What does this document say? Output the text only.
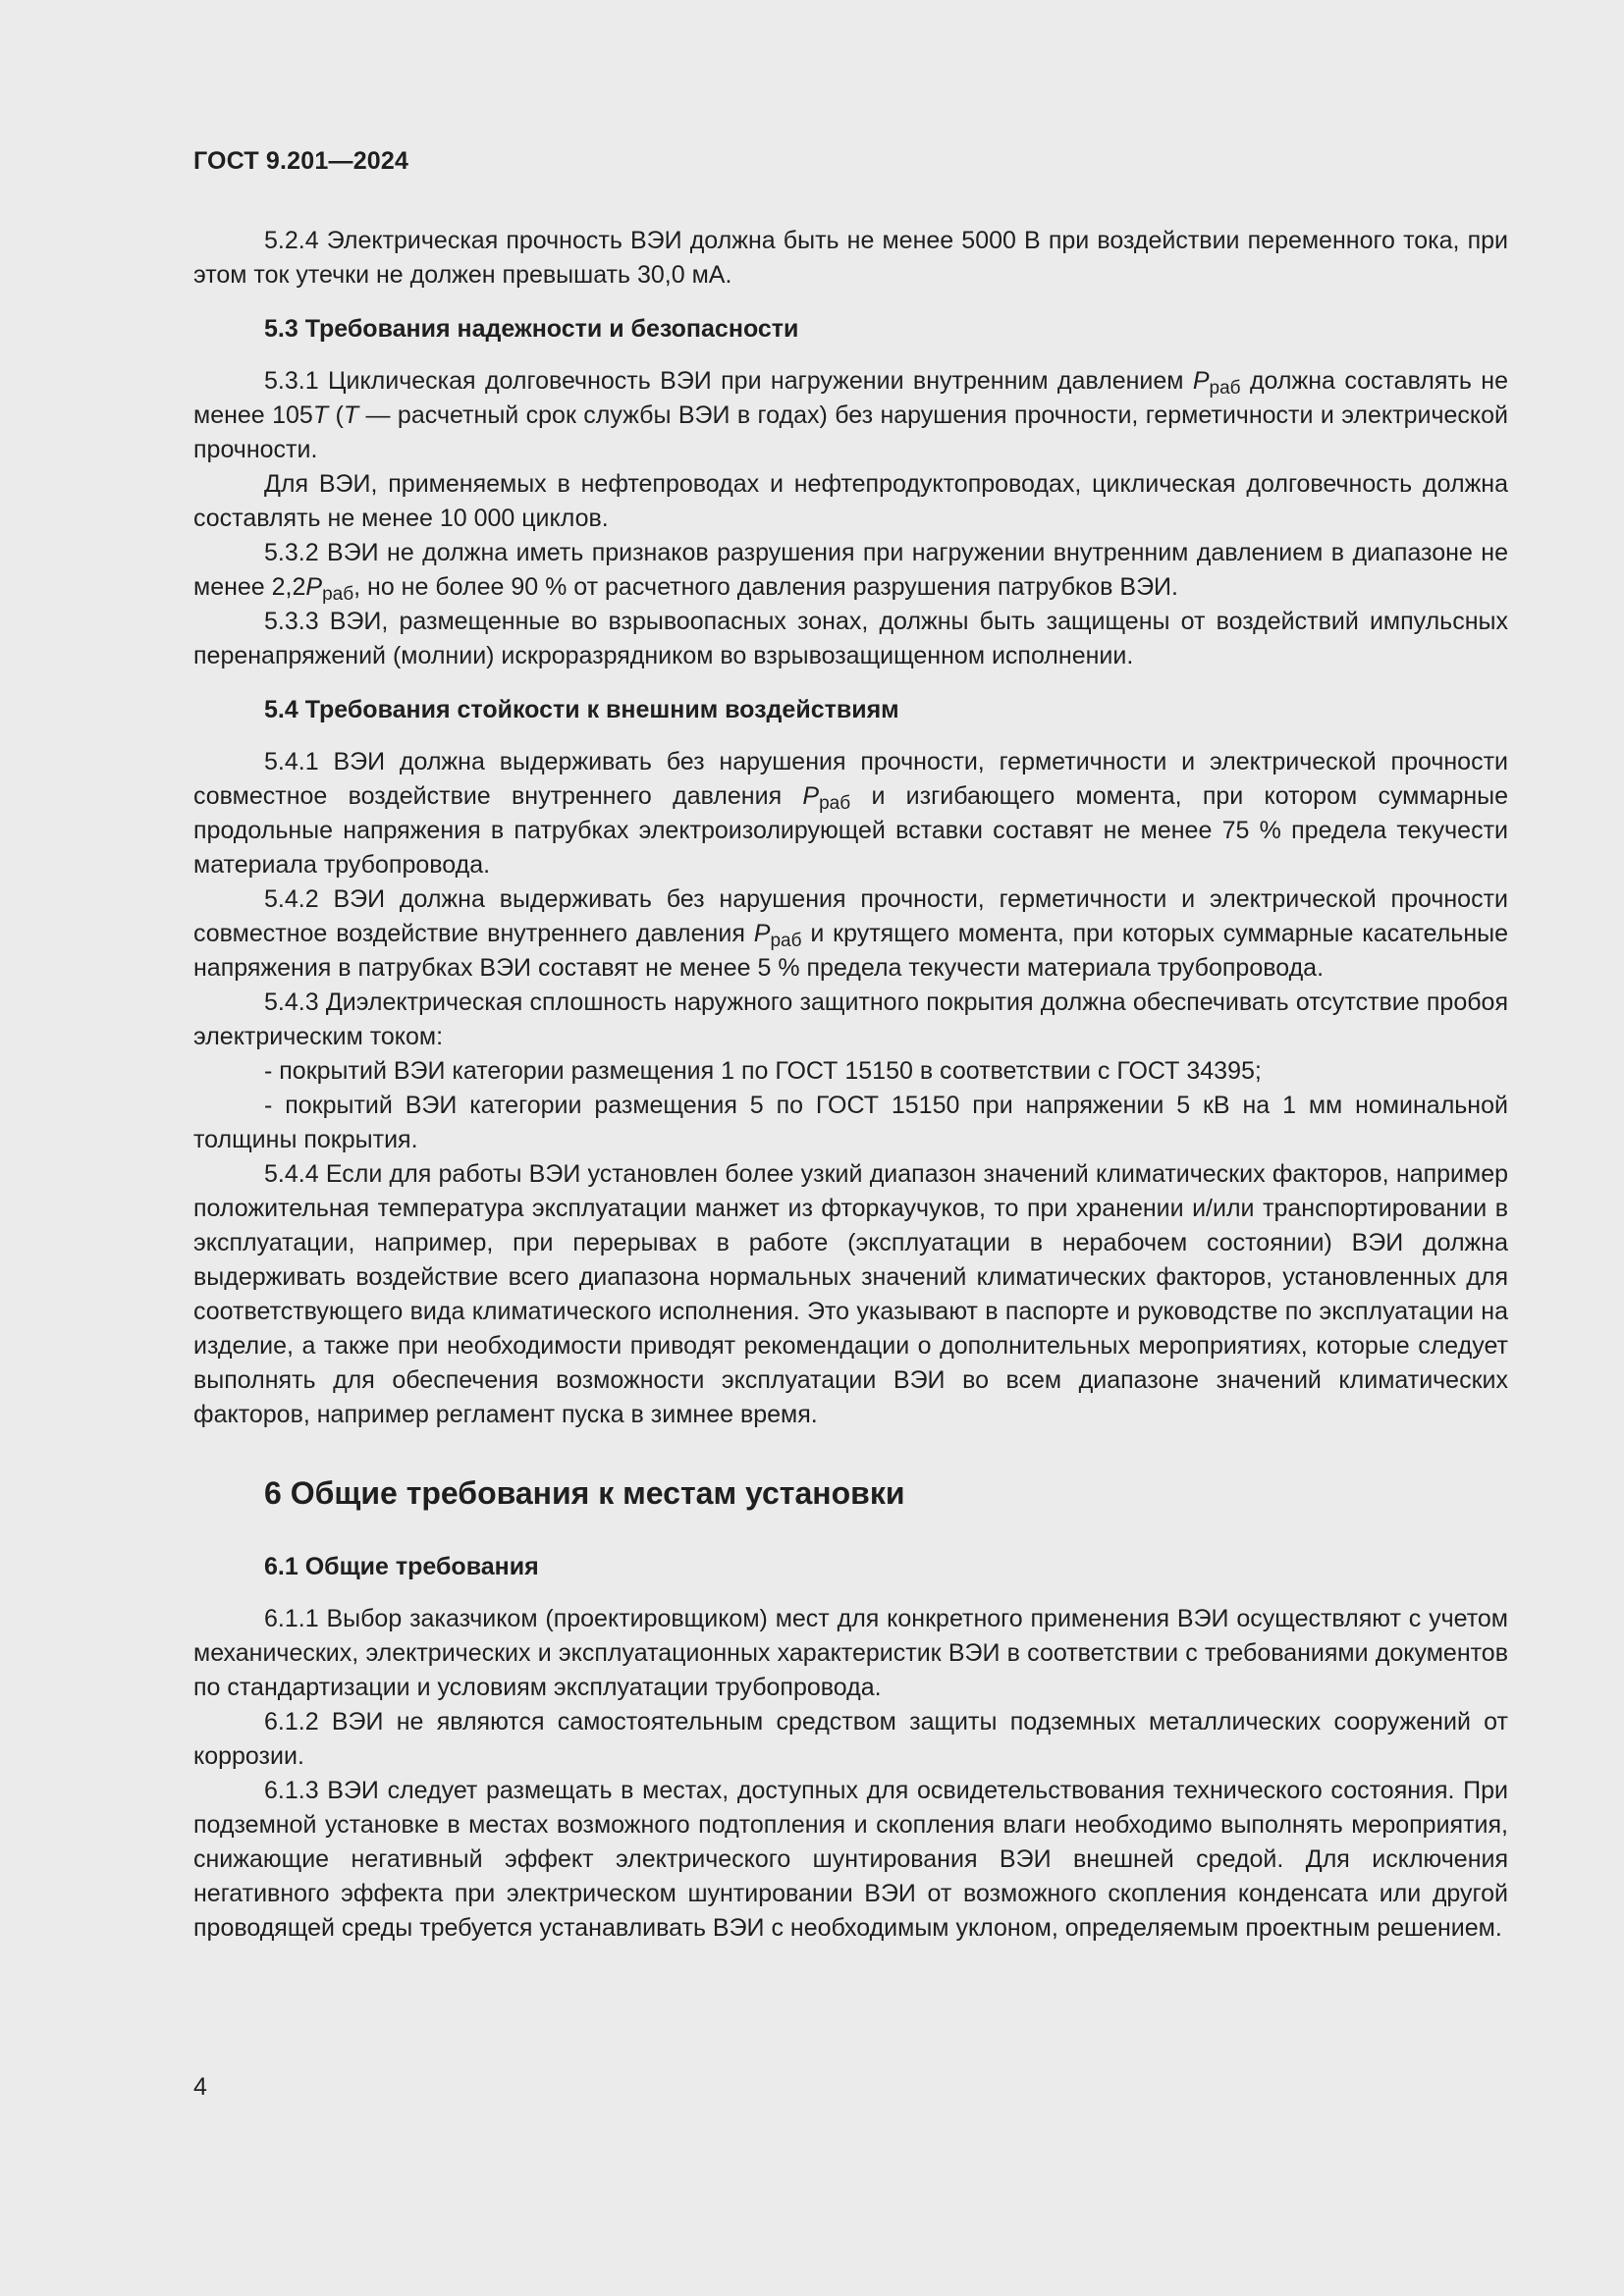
ГОСТ 9.201—2024

5.2.4 Электрическая прочность ВЭИ должна быть не менее 5000 В при воздействии переменного тока, при этом ток утечки не должен превышать 30,0 мА.

5.3 Требования надежности и безопасности

5.3.1 Циклическая долговечность ВЭИ при нагружении внутренним давлением $P_{раб}$ должна составлять не менее 105T (T — расчетный срок службы ВЭИ в годах) без нарушения прочности, герметичности и электрической прочности.

Для ВЭИ, применяемых в нефтепроводах и нефтепродуктопроводах, циклическая долговечность должна составлять не менее 10 000 циклов.

5.3.2 ВЭИ не должна иметь признаков разрушения при нагружении внутренним давлением в диапазоне не менее $2,2P_{раб}$, но не более 90 % от расчетного давления разрушения патрубков ВЭИ.

5.3.3 ВЭИ, размещенные во взрывоопасных зонах, должны быть защищены от воздействий импульсных перенапряжений (молнии) искроразрядником во взрывозащищенном исполнении.

5.4 Требования стойкости к внешним воздействиям

5.4.1 ВЭИ должна выдерживать без нарушения прочности, герметичности и электрической прочности совместное воздействие внутреннего давления $P_{раб}$ и изгибающего момента, при котором суммарные продольные напряжения в патрубках электроизолирующей вставки составят не менее 75 % предела текучести материала трубопровода.

5.4.2 ВЭИ должна выдерживать без нарушения прочности, герметичности и электрической прочности совместное воздействие внутреннего давления $P_{раб}$ и крутящего момента, при которых суммарные касательные напряжения в патрубках ВЭИ составят не менее 5 % предела текучести материала трубопровода.

5.4.3 Диэлектрическая сплошность наружного защитного покрытия должна обеспечивать отсутствие пробоя электрическим током:

- покрытий ВЭИ категории размещения 1 по ГОСТ 15150 в соответствии с ГОСТ 34395;

- покрытий ВЭИ категории размещения 5 по ГОСТ 15150 при напряжении 5 кВ на 1 мм номинальной толщины покрытия.

5.4.4 Если для работы ВЭИ установлен более узкий диапазон значений климатических факторов, например положительная температура эксплуатации манжет из фторкаучуков, то при хранении и/или транспортировании в эксплуатации, например, при перерывах в работе (эксплуатации в нерабочем состоянии) ВЭИ должна выдерживать воздействие всего диапазона нормальных значений климатических факторов, установленных для соответствующего вида климатического исполнения. Это указывают в паспорте и руководстве по эксплуатации на изделие, а также при необходимости приводят рекомендации о дополнительных мероприятиях, которые следует выполнять для обеспечения возможности эксплуатации ВЭИ во всем диапазоне значений климатических факторов, например регламент пуска в зимнее время.

6 Общие требования к местам установки
6.1 Общие требования

6.1.1 Выбор заказчиком (проектировщиком) мест для конкретного применения ВЭИ осуществляют с учетом механических, электрических и эксплуатационных характеристик ВЭИ в соответствии с требованиями документов по стандартизации и условиям эксплуатации трубопровода.

6.1.2 ВЭИ не являются самостоятельным средством защиты подземных металлических сооружений от коррозии.

6.1.3 ВЭИ следует размещать в местах, доступных для освидетельствования технического состояния. При подземной установке в местах возможного подтопления и скопления влаги необходимо выполнять мероприятия, снижающие негативный эффект электрического шунтирования ВЭИ внешней средой. Для исключения негативного эффекта при электрическом шунтировании ВЭИ от возможного скопления конденсата или другой проводящей среды требуется устанавливать ВЭИ с необходимым уклоном, определяемым проектным решением.

4
